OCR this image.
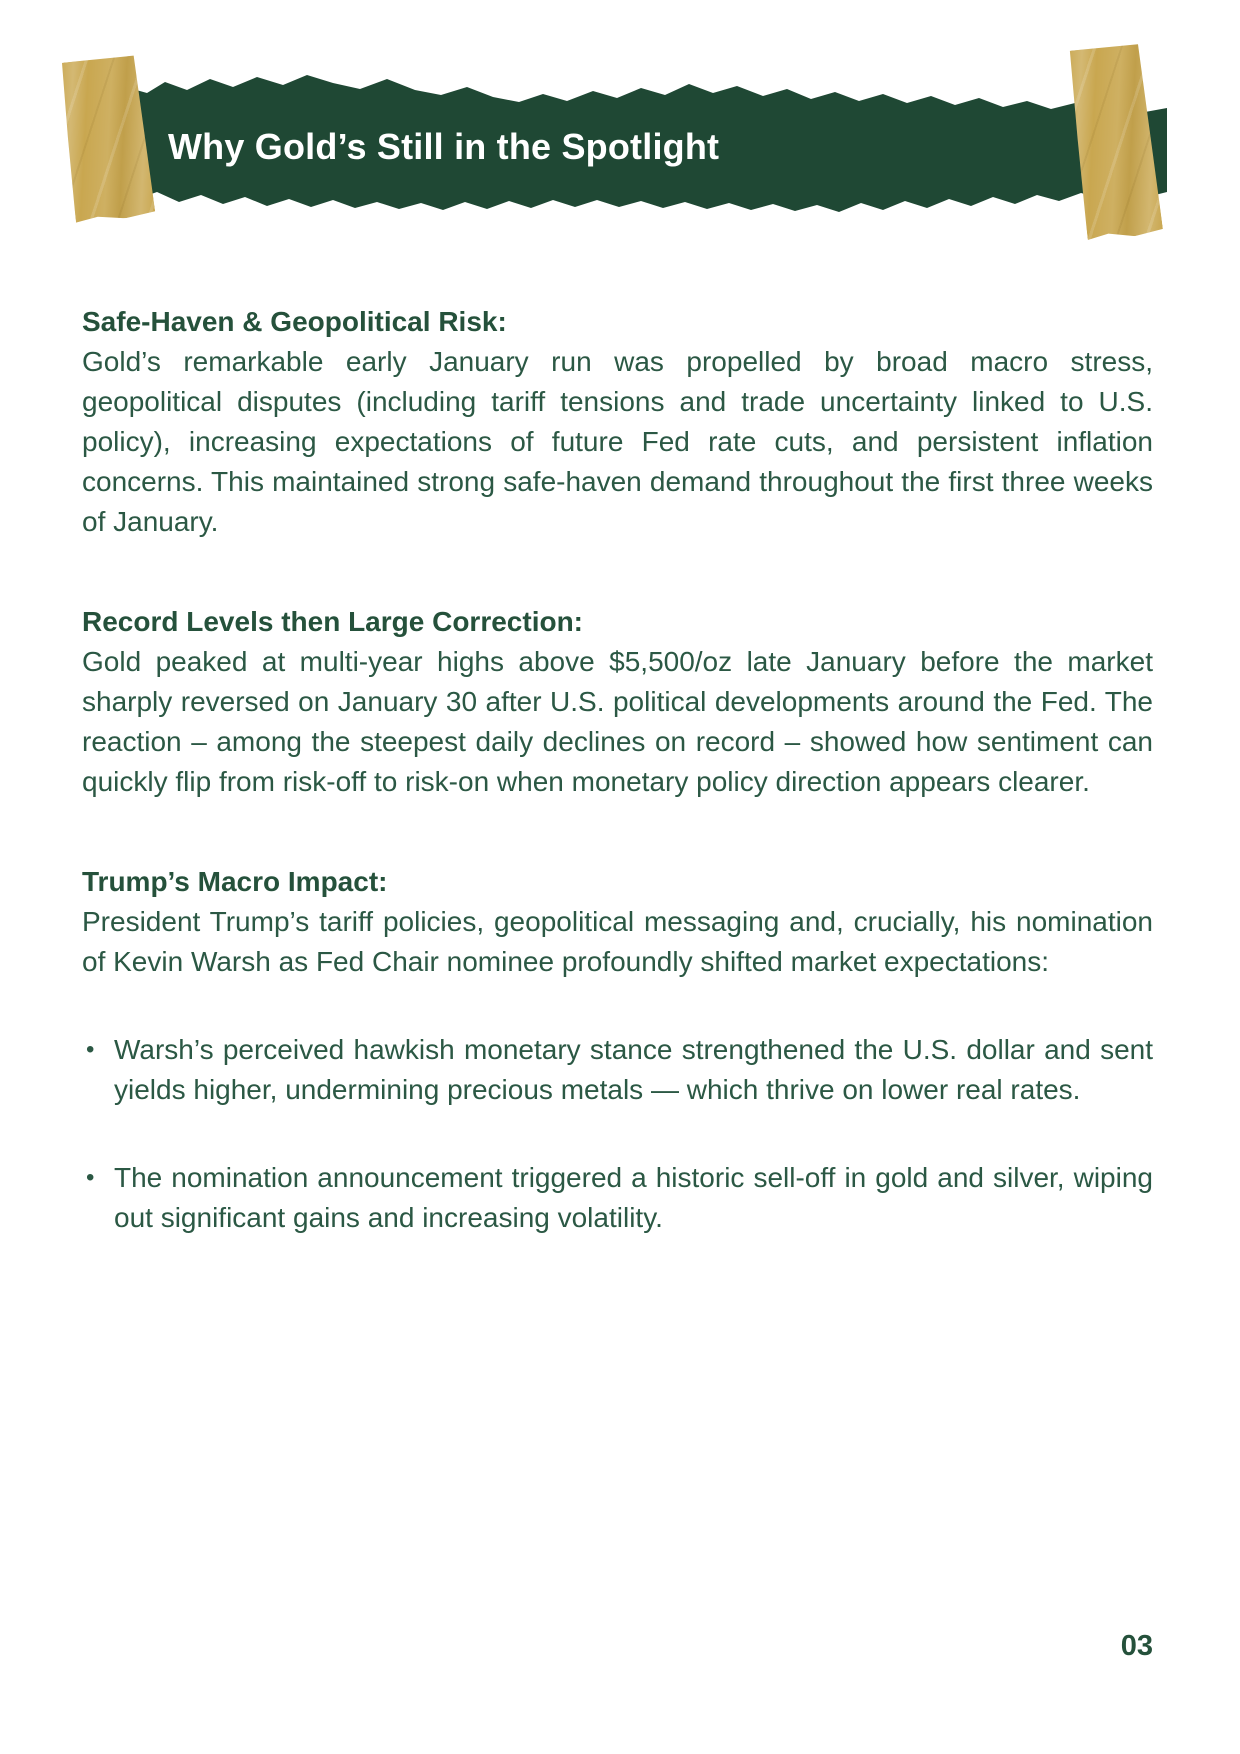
Why Gold’s Still in the Spotlight
Safe-Haven & Geopolitical Risk:

Gold’s remarkable early January run was propelled by broad macro stress, geopolitical disputes (including tariff tensions and trade uncertainty linked to U.S. policy), increasing expectations of future Fed rate cuts, and persistent inflation concerns. This maintained strong safe-haven demand throughout the first three weeks of January.

Record Levels then Large Correction:

Gold peaked at multi-year highs above $5,500/oz late January before the market sharply reversed on January 30 after U.S. political developments around the Fed. The reaction – among the steepest daily declines on record – showed how sentiment can quickly flip from risk-off to risk-on when monetary policy direction appears clearer.

Trump’s Macro Impact:

President Trump’s tariff policies, geopolitical messaging and, crucially, his nomination of Kevin Warsh as Fed Chair nominee profoundly shifted market expectations:

• Warsh’s perceived hawkish monetary stance strengthened the U.S. dollar and sent yields higher, undermining precious metals — which thrive on lower real rates.
• The nomination announcement triggered a historic sell-off in gold and silver, wiping out significant gains and increasing volatility.
03
